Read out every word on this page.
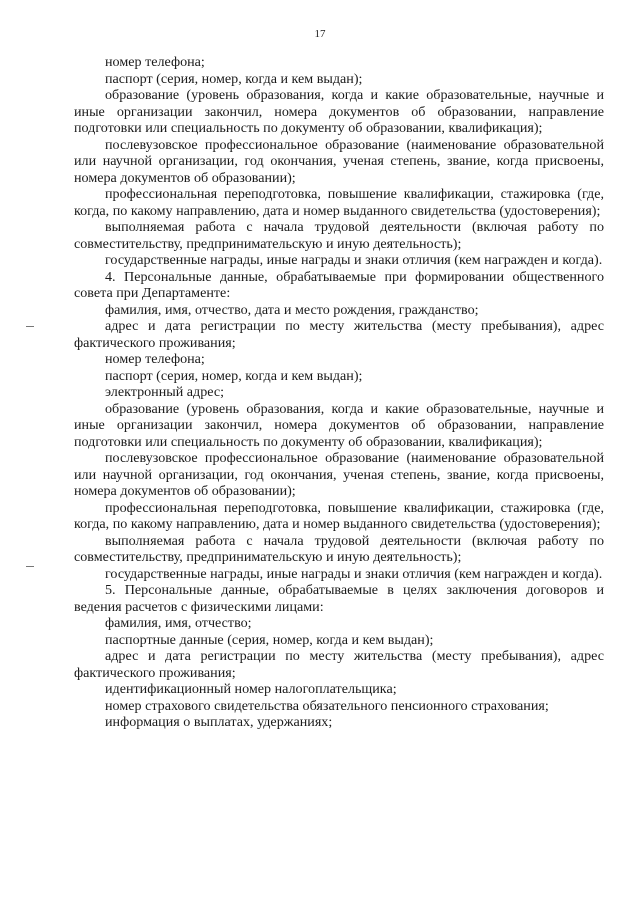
17

номер телефона;

паспорт (серия, номер, когда и кем выдан);

образование (уровень образования, когда и какие образовательные, научные и иные организации закончил, номера документов об образовании, направление подготовки или специальность по документу об образовании, квалификация);

послевузовское профессиональное образование (наименование образовательной или научной организации, год окончания, ученая степень, звание, когда присвоены, номера документов об образовании);

профессиональная переподготовка, повышение квалификации, стажировка (где, когда, по какому направлению, дата и номер выданного свидетельства (удостоверения);

выполняемая работа с начала трудовой деятельности (включая работу по совместительству, предпринимательскую и иную деятельность);

государственные награды, иные награды и знаки отличия (кем награжден и когда).

4. Персональные данные, обрабатываемые при формировании общественного совета при Департаменте:

фамилия, имя, отчество, дата и место рождения, гражданство;

адрес и дата регистрации по месту жительства (месту пребывания), адрес фактического проживания;

номер телефона;

паспорт (серия, номер, когда и кем выдан);

электронный адрес;

образование (уровень образования, когда и какие образовательные, научные и иные организации закончил, номера документов об образовании, направление подготовки или специальность по документу об образовании, квалификация);

послевузовское профессиональное образование (наименование образовательной или научной организации, год окончания, ученая степень, звание, когда присвоены, номера документов об образовании);

профессиональная переподготовка, повышение квалификации, стажировка (где, когда, по какому направлению, дата и номер выданного свидетельства (удостоверения);

выполняемая работа с начала трудовой деятельности (включая работу по совместительству, предпринимательскую и иную деятельность);

государственные награды, иные награды и знаки отличия (кем награжден и когда).

5. Персональные данные, обрабатываемые в целях заключения договоров и ведения расчетов с физическими лицами:

фамилия, имя, отчество;

паспортные данные (серия, номер, когда и кем выдан);

адрес и дата регистрации по месту жительства (месту пребывания), адрес фактического проживания;

идентификационный номер налогоплательщика;

номер страхового свидетельства обязательного пенсионного страхования;

информация о выплатах, удержаниях;
